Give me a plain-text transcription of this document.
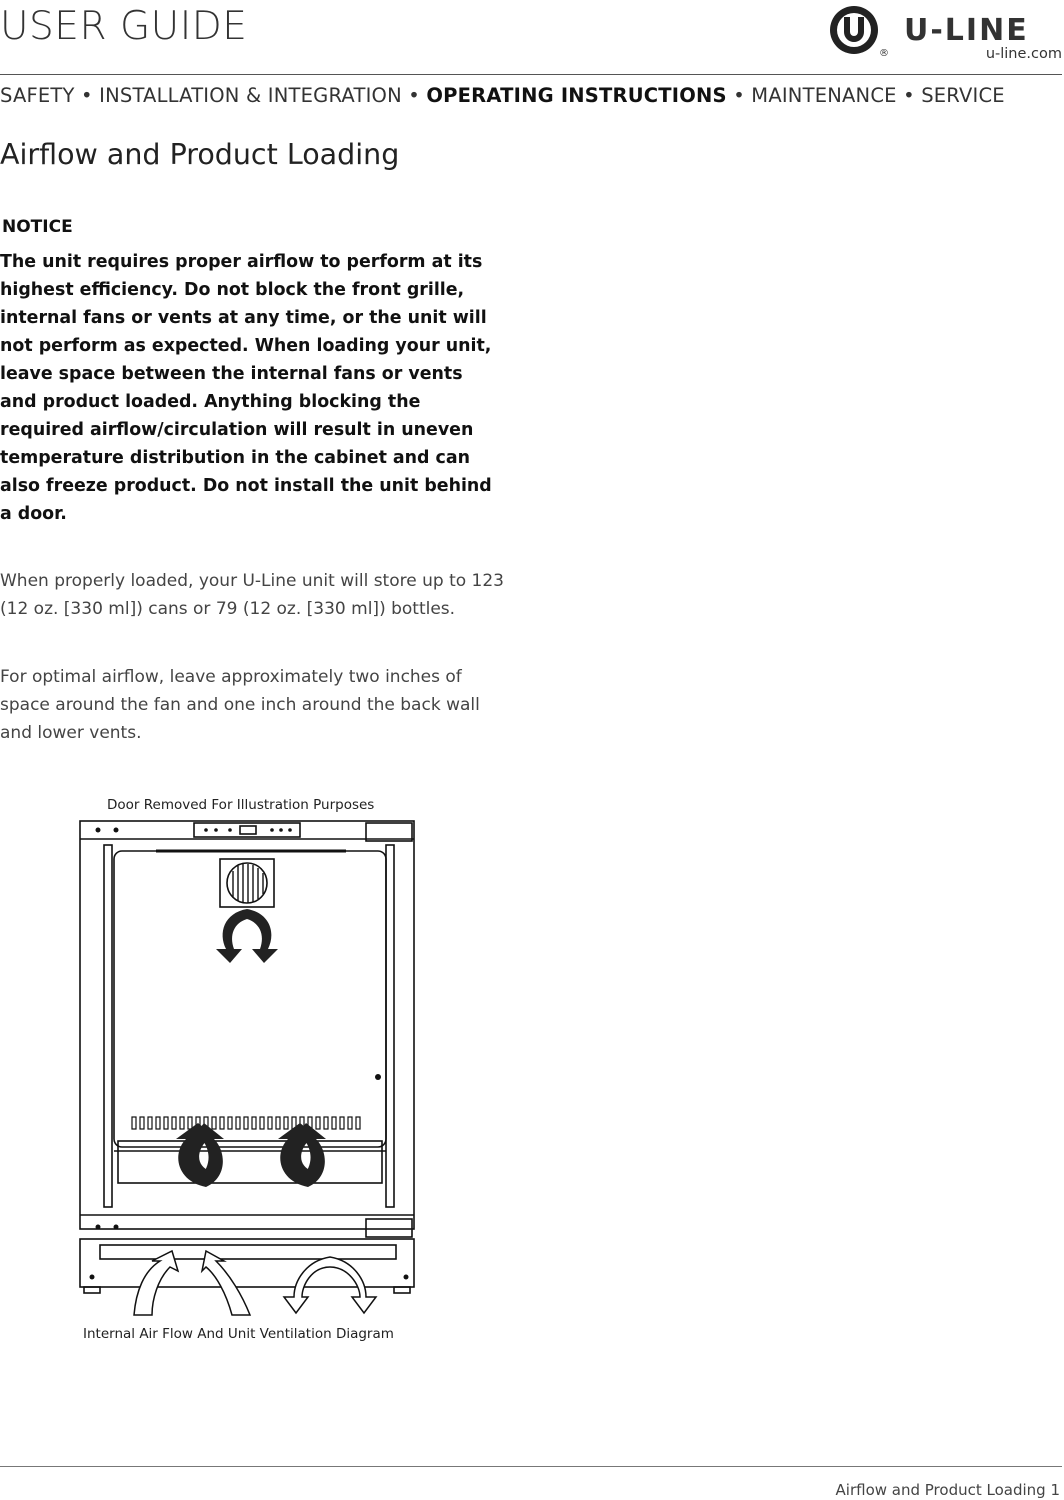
USER GUIDE
®
U-LINE
u-line.com
SAFETY • INSTALLATION & INTEGRATION • OPERATING INSTRUCTIONS • MAINTENANCE • SERVICE
Airflow and Product Loading
NOTICE
The unit requires proper airflow to perform at its highest efficiency. Do not block the front grille, internal fans or vents at any time, or the unit will not perform as expected. When loading your unit, leave space between the internal fans or vents and product loaded. Anything blocking the required airflow/circulation will result in uneven temperature distribution in the cabinet and can also freeze product. Do not install the unit behind a door.
When properly loaded, your U-Line unit will store up to 123 (12 oz. [330 ml]) cans or 79 (12 oz. [330 ml]) bottles.
For optimal airflow, leave approximately two inches of space around the fan and one inch around the back wall and lower vents.
Door Removed For Illustration Purposes
Internal Air Flow And Unit Ventilation Diagram
Airflow and Product Loading 1
